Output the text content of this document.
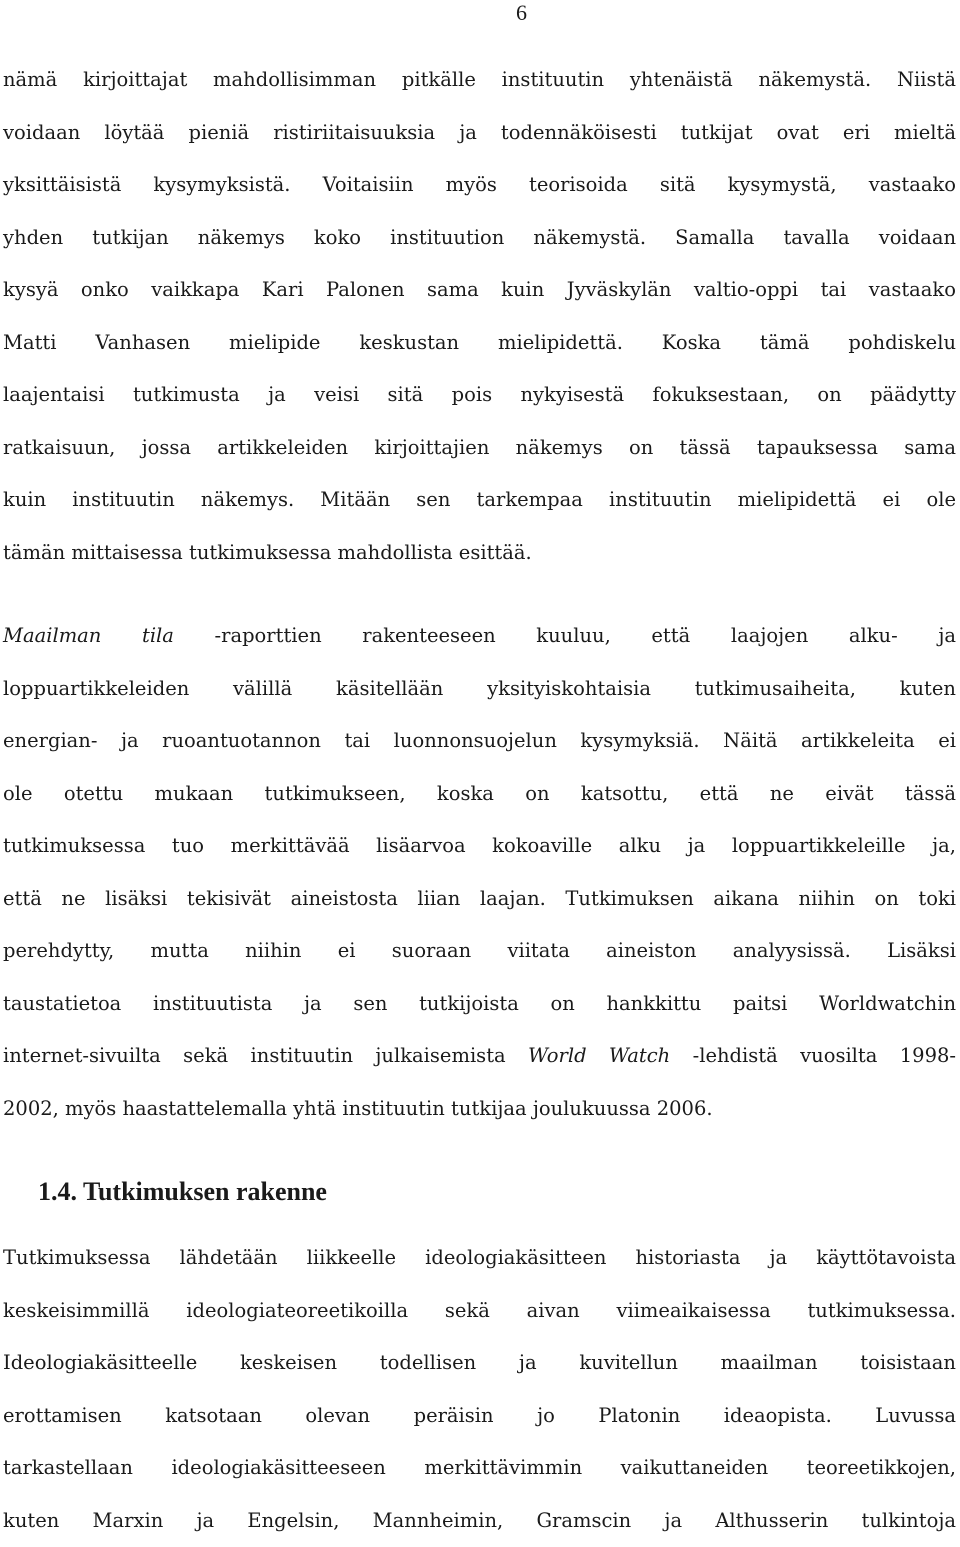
6
nämä kirjoittajat mahdollisimman pitkälle instituutin yhtenäistä näkemystä. Niistä
voidaan löytää pieniä ristiriitaisuuksia ja todennäköisesti tutkijat ovat eri mieltä
yksittäisistä kysymyksistä. Voitaisiin myös teorisoida sitä kysymystä, vastaako
yhden tutkijan näkemys koko instituution näkemystä. Samalla tavalla voidaan
kysyä onko vaikkapa Kari Palonen sama kuin Jyväskylän valtio-oppi tai vastaako
Matti Vanhasen mielipide keskustan mielipidettä. Koska tämä pohdiskelu
laajentaisi tutkimusta ja veisi sitä pois nykyisestä fokuksestaan, on päädytty
ratkaisuun, jossa artikkeleiden kirjoittajien näkemys on tässä tapauksessa sama
kuin instituutin näkemys. Mitään sen tarkempaa instituutin mielipidettä ei ole
tämän mittaisessa tutkimuksessa mahdollista esittää.
Maailman tila -raporttien rakenteeseen kuuluu, että laajojen alku- ja
loppuartikkeleiden välillä käsitellään yksityiskohtaisia tutkimusaiheita, kuten
energian- ja ruoantuotannon tai luonnonsuojelun kysymyksiä. Näitä artikkeleita ei
ole otettu mukaan tutkimukseen, koska on katsottu, että ne eivät tässä
tutkimuksessa tuo merkittävää lisäarvoa kokoaville alku ja loppuartikkeleille ja,
että ne lisäksi tekisivät aineistosta liian laajan. Tutkimuksen aikana niihin on toki
perehdytty, mutta niihin ei suoraan viitata aineiston analyysissä. Lisäksi
taustatietoa instituutista ja sen tutkijoista on hankkittu paitsi Worldwatchin
internet-sivuilta sekä instituutin julkaisemista World Watch -lehdistä vuosilta 1998-
2002, myös haastattelemalla yhtä instituutin tutkijaa joulukuussa 2006.
1.4. Tutkimuksen rakenne
Tutkimuksessa lähdetään liikkeelle ideologiakäsitteen historiasta ja käyttötavoista
keskeisimmillä ideologiateoreetikoilla sekä aivan viimeaikaisessa tutkimuksessa.
Ideologiakäsitteelle keskeisen todellisen ja kuvitellun maailman toisistaan
erottamisen katsotaan olevan peräisin jo Platonin ideaopista. Luvussa
tarkastellaan ideologiakäsitteeseen merkittävimmin vaikuttaneiden teoreetikkojen,
kuten Marxin ja Engelsin, Mannheimin, Gramscin ja Althusserin tulkintoja
